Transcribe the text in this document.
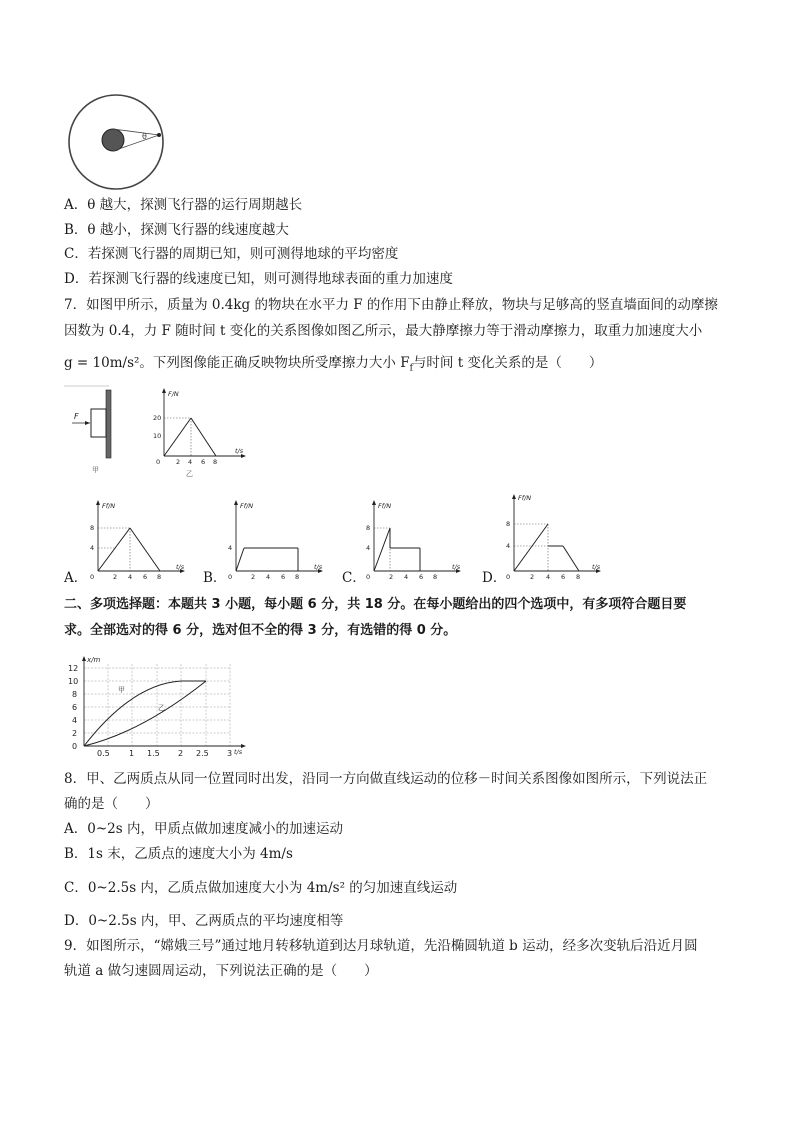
θ
A．θ 越大，探测飞行器的运行周期越长
B．θ 越小，探测飞行器的线速度越大
C．若探测飞行器的周期已知，则可测得地球的平均密度
D．若探测飞行器的线速度已知，则可测得地球表面的重力加速度
7．如图甲所示，质量为 0.4kg 的物块在水平力 F 的作用下由静止释放，物块与足够高的竖直墙面间的动摩擦
因数为 0.4，力 F 随时间 t 变化的关系图像如图乙所示，最大静摩擦力等于滑动摩擦力，取重力加速度大小
g = 10m/s²。下列图像能正确反映物块所受摩擦力大小 $F_f$与时间 t 变化关系的是（　　）
F
甲
F/N
t/s
20
10
0 2 4 6 8
乙
A．
Ff/N
t/s
8
4
0	2 4 6 8	B．
Ff/N
t/s
4
0	2 4 6 8	C．
Ff/N
t/s
8
4
0	2 4 6 8	D．
Ff/N
t/s
8
4
0	2 4 6 8
二、多项选择题：本题共 3 小题，每小题 6 分，共 18 分。在每小题给出的四个选项中，有多项符合题目要
求。全部选对的得 6 分，选对但不全的得 3 分，有选错的得 0 分。
x/m
t/s
12
10
8
6
4
2
0
0.5 1 1.5 2 2.5 3
甲
乙
8．甲、乙两质点从同一位置同时出发，沿同一方向做直线运动的位移－时间关系图像如图所示，下列说法正
确的是（　　）
A．0~2s 内，甲质点做加速度减小的加速运动
B．1s 末，乙质点的速度大小为 4m/s
C．0~2.5s 内，乙质点做加速度大小为 4m/s² 的匀加速直线运动
D．0~2.5s 内，甲、乙两质点的平均速度相等
9．如图所示，“嫦娥三号”通过地月转移轨道到达月球轨道，先沿椭圆轨道 b 运动，经多次变轨后沿近月圆
轨道 a 做匀速圆周运动，下列说法正确的是（　　）
